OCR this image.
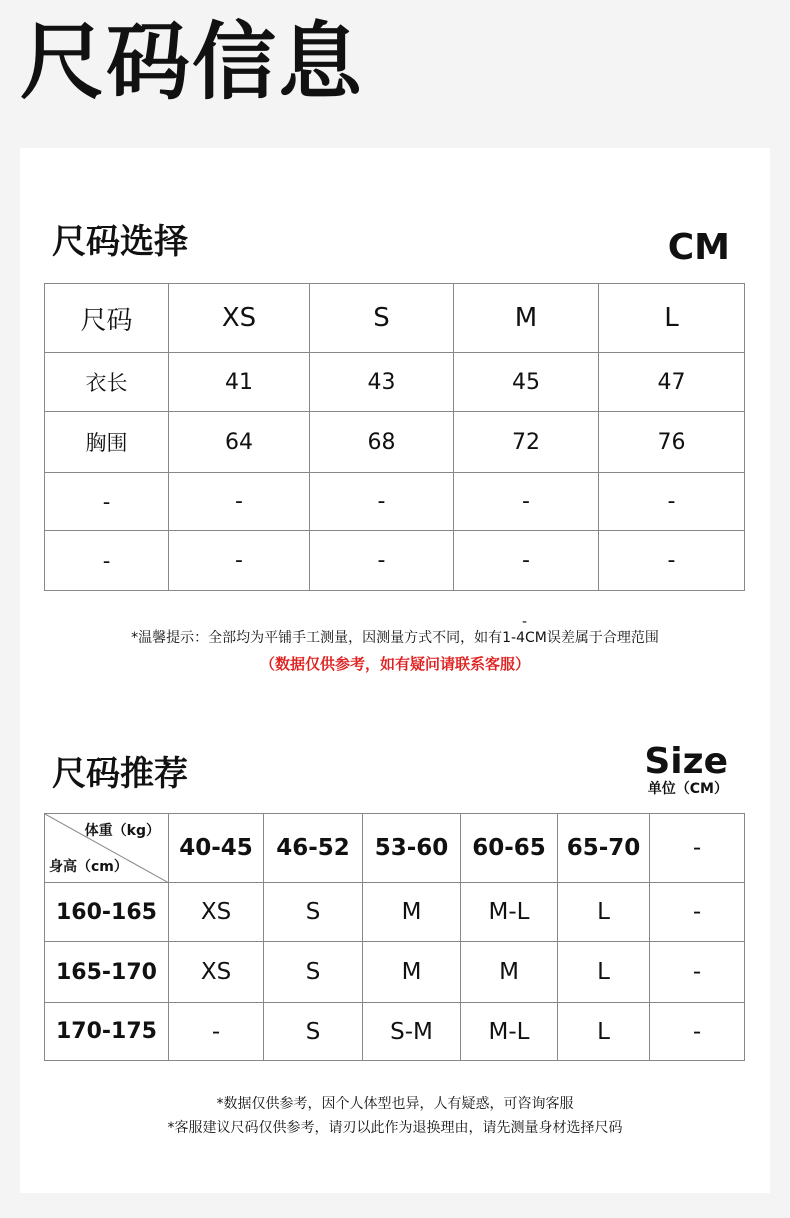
尺码信息
尺码选择	CM
尺码	XS	S	M	L
衣长	41	43	45	47
胸围	64	68	72	76
-	-	-	-	-
-	-	-	-	-
-
*温馨提示：全部均为平铺手工测量，因测量方式不同，如有1-4CM误差属于合理范围
（数据仅供参考，如有疑问请联系客服）
尺码推荐	Size
单位（CM）
体重（kg）
身高（cm）	40-45	46-52	53-60	60-65	65-70	-
160-165	XS	S	M	M-L	L	-
165-170	XS	S	M	M	L	-
170-175	-	S	S-M	M-L	L	-
*数据仅供参考，因个人体型也异，人有疑惑，可咨询客服
*客服建议尺码仅供参考，请刃以此作为退换理由，请先测量身材选择尺码
